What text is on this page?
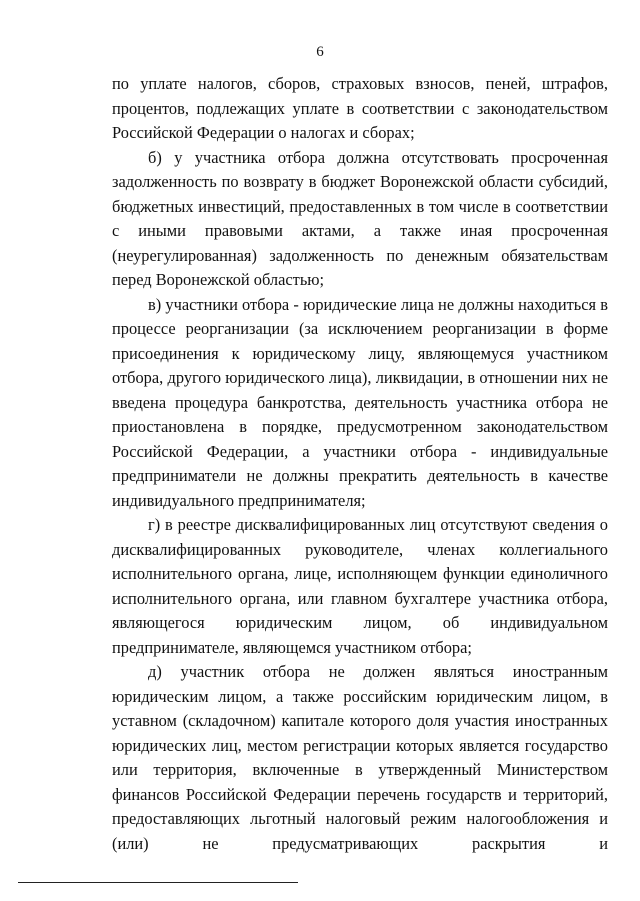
6

по уплате налогов, сборов, страховых взносов, пеней, штрафов, процентов, подлежащих уплате в соответствии с законодательством Российской Федерации о налогах и сборах;

б) у участника отбора должна отсутствовать просроченная задолженность по возврату в бюджет Воронежской области субсидий, бюджетных инвестиций, предоставленных в том числе в соответствии с иными правовыми актами, а также иная просроченная (неурегулированная) задолженность по денежным обязательствам перед Воронежской областью;

в) участники отбора - юридические лица не должны находиться в процессе реорганизации (за исключением реорганизации в форме присоединения к юридическому лицу, являющемуся участником отбора, другого юридического лица), ликвидации, в отношении них не введена процедура банкротства, деятельность участника отбора не приостановлена в порядке, предусмотренном законодательством Российской Федерации, а участники отбора - индивидуальные предприниматели не должны прекратить деятельность в качестве индивидуального предпринимателя;

г) в реестре дисквалифицированных лиц отсутствуют сведения о дисквалифицированных руководителе, членах коллегиального исполнительного органа, лице, исполняющем функции единоличного исполнительного органа, или главном бухгалтере участника отбора, являющегося юридическим лицом, об индивидуальном предпринимателе, являющемся участником отбора;

д) участник отбора не должен являться иностранным юридическим лицом, а также российским юридическим лицом, в уставном (складочном) капитале которого доля участия иностранных юридических лиц, местом регистрации которых является государство или территория, включенные в утвержденный Министерством финансов Российской Федерации перечень государств и территорий, предоставляющих льготный налоговый режим налогообложения и (или) не предусматривающих раскрытия и
